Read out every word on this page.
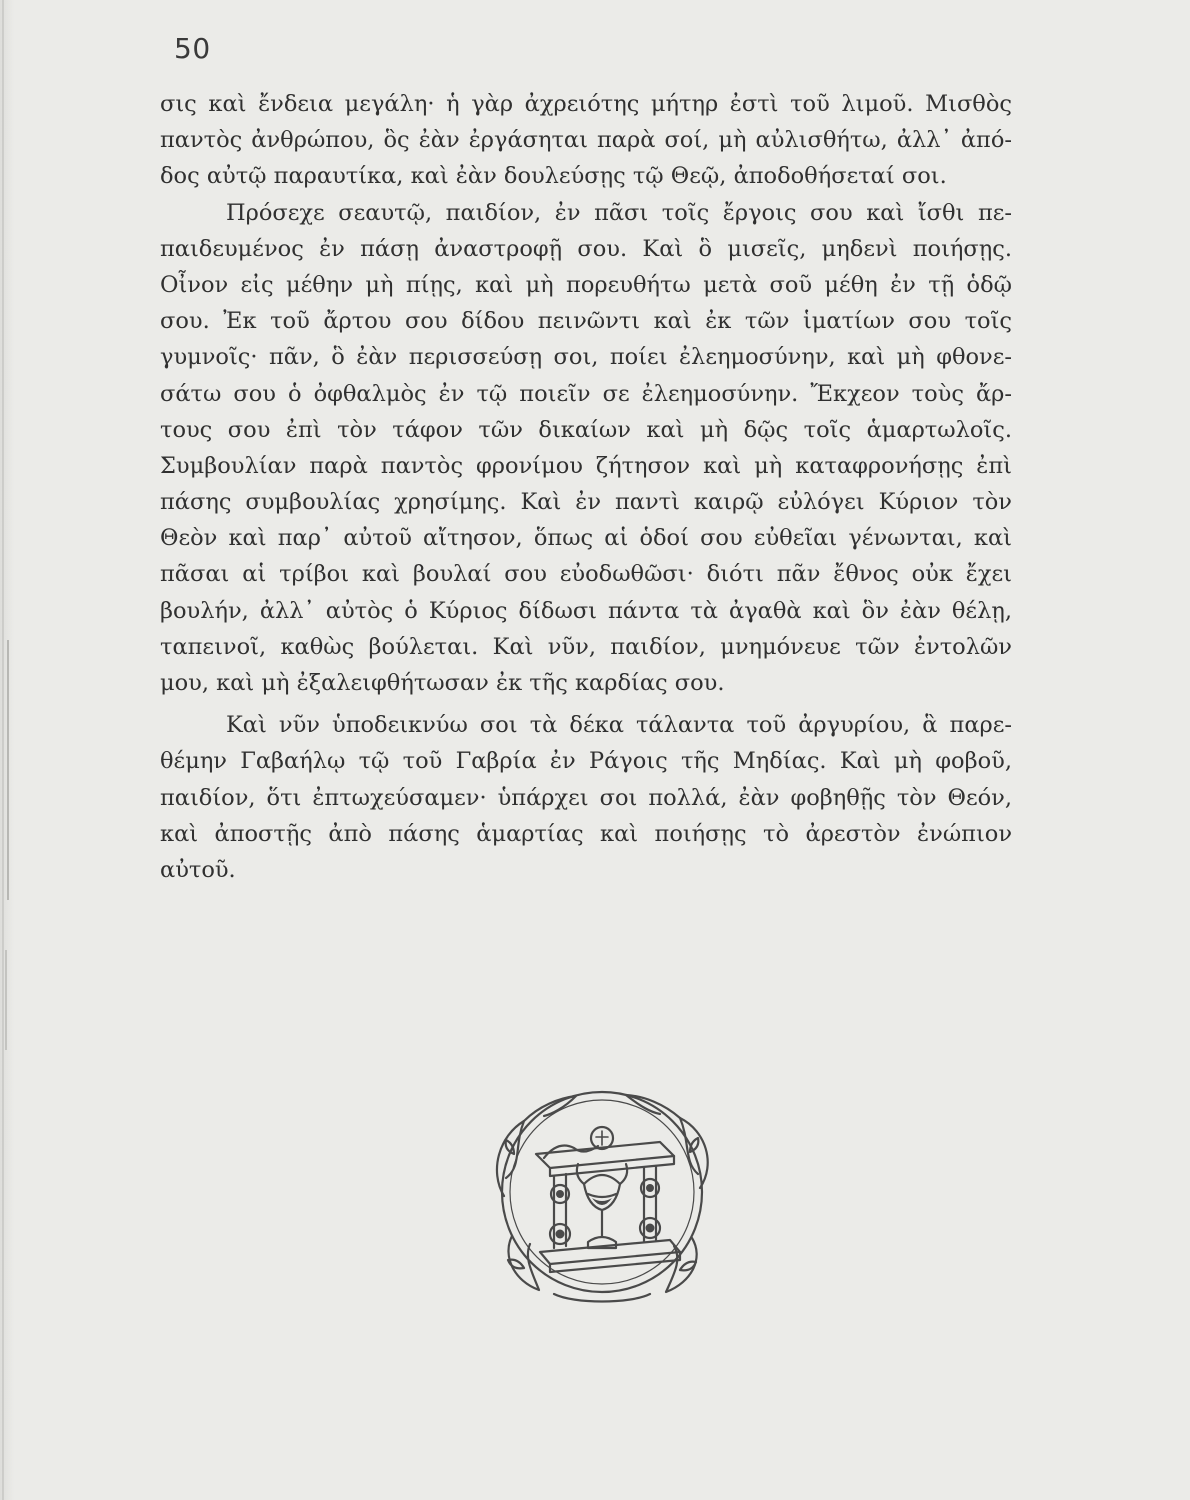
50
σις καὶ ἔνδεια μεγάλη· ἡ γὰρ ἀχρειότης μήτηρ ἐστὶ τοῦ λιμοῦ. Μισθὸς
παντὸς ἀνθρώπου, ὃς ἐὰν ἐργάσηται παρὰ σοί, μὴ αὐλισθήτω, ἀλλ᾽ ἀπό-
δος αὐτῷ παραυτίκα, καὶ ἐὰν δουλεύσῃς τῷ Θεῷ, ἀποδοθήσεταί σοι.
Πρόσεχε σεαυτῷ, παιδίον, ἐν πᾶσι τοῖς ἔργοις σου καὶ ἴσθι πε-
παιδευμένος ἐν πάσῃ ἀναστροφῇ σου. Καὶ ὃ μισεῖς, μηδενὶ ποιήσῃς.
Οἶνον εἰς μέθην μὴ πίῃς, καὶ μὴ πορευθήτω μετὰ σοῦ μέθη ἐν τῇ ὁδῷ
σου. Ἐκ τοῦ ἄρτου σου δίδου πεινῶντι καὶ ἐκ τῶν ἱματίων σου τοῖς
γυμνοῖς· πᾶν, ὃ ἐὰν περισσεύσῃ σοι, ποίει ἐλεημοσύνην, καὶ μὴ φθονε-
σάτω σου ὁ ὀφθαλμὸς ἐν τῷ ποιεῖν σε ἐλεημοσύνην. Ἔκχεον τοὺς ἄρ-
τους σου ἐπὶ τὸν τάφον τῶν δικαίων καὶ μὴ δῷς τοῖς ἁμαρτωλοῖς.
Συμβουλίαν παρὰ παντὸς φρονίμου ζήτησον καὶ μὴ καταφρονήσῃς ἐπὶ
πάσης συμβουλίας χρησίμης. Καὶ ἐν παντὶ καιρῷ εὐλόγει Κύριον τὸν
Θεὸν καὶ παρ᾽ αὐτοῦ αἴτησον, ὅπως αἱ ὁδοί σου εὐθεῖαι γένωνται, καὶ
πᾶσαι αἱ τρίβοι καὶ βουλαί σου εὐοδωθῶσι· διότι πᾶν ἔθνος οὐκ ἔχει
βουλήν, ἀλλ᾽ αὐτὸς ὁ Κύριος δίδωσι πάντα τὰ ἀγαθὰ καὶ ὃν ἐὰν θέλῃ,
ταπεινοῖ, καθὼς βούλεται. Καὶ νῦν, παιδίον, μνημόνευε τῶν ἐντολῶν
μου, καὶ μὴ ἐξαλειφθήτωσαν ἐκ τῆς καρδίας σου.
Καὶ νῦν ὑποδεικνύω σοι τὰ δέκα τάλαντα τοῦ ἀργυρίου, ἃ παρε-
θέμην Γαβαήλῳ τῷ τοῦ Γαβρία ἐν Ράγοις τῆς Μηδίας. Καὶ μὴ φοβοῦ,
παιδίον, ὅτι ἐπτωχεύσαμεν· ὑπάρχει σοι πολλά, ἐὰν φοβηθῇς τὸν Θεόν,
καὶ ἀποστῇς ἀπὸ πάσης ἁμαρτίας καὶ ποιήσῃς τὸ ἀρεστὸν ἐνώπιον
αὐτοῦ.
